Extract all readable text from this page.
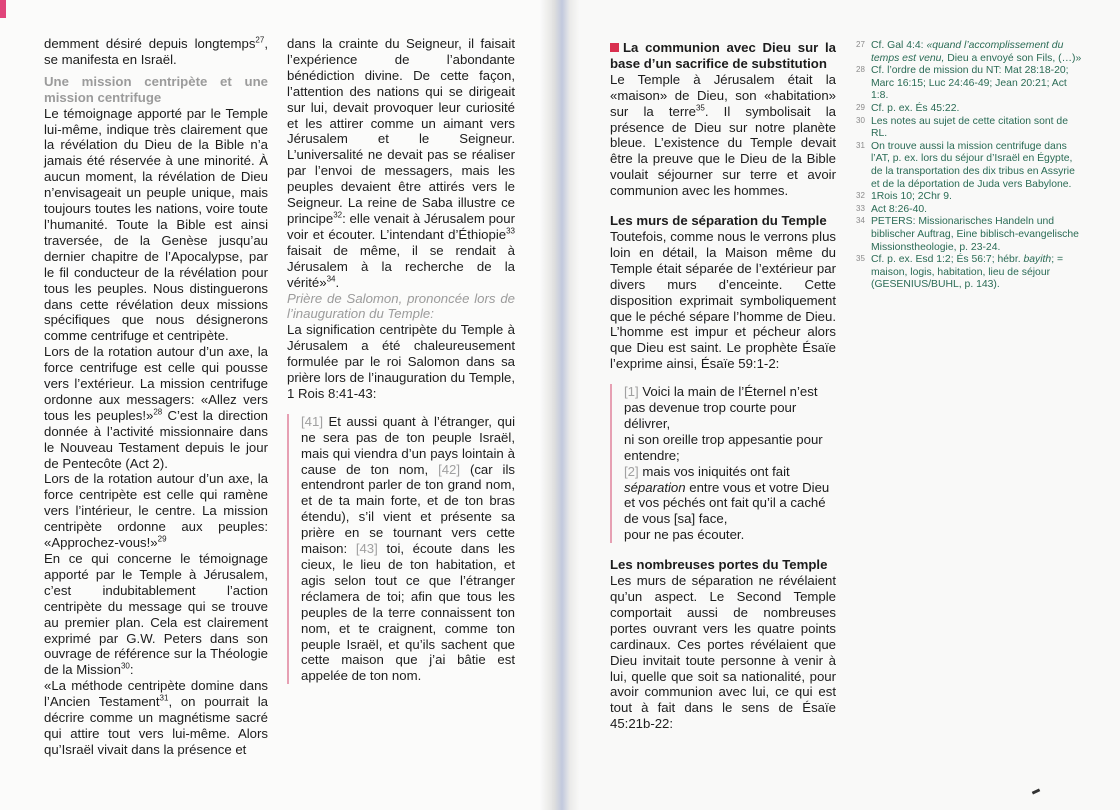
demment désiré depuis longtemps$^{27}$, se manifesta en Israël.

Une mission centripète et une mission centrifuge

Le témoignage apporté par le Temple lui-même, indique très clairement que la révélation du Dieu de la Bible n’a jamais été réservée à une minorité. À aucun moment, la révélation de Dieu n’envisageait un peuple unique, mais toujours toutes les nations, voire toute l’humanité. Toute la Bible est ainsi traversée, de la Genèse jusqu’au dernier chapitre de l’Apocalypse, par le fil conducteur de la révélation pour tous les peuples. Nous distinguerons dans cette révélation deux missions spécifiques que nous désignerons comme centrifuge et centripète.

Lors de la rotation autour d’un axe, la force centrifuge est celle qui pousse vers l’extérieur. La mission centrifuge ordonne aux messagers: «Allez vers tous les peuples!»$^{28}$ C’est la direction donnée à l’activité missionnaire dans le Nouveau Testament depuis le jour de Pentecôte (Act 2).

Lors de la rotation autour d’un axe, la force centripète est celle qui ramène vers l’intérieur, le centre. La mission centripète ordonne aux peuples: «Approchez-vous!»$^{29}$

En ce qui concerne le témoignage apporté par le Temple à Jérusalem, c’est indubitablement l’action centripète du message qui se trouve au premier plan. Cela est clairement exprimé par G.W. Peters dans son ouvrage de référence sur la Théologie de la Mission$^{30}$:

«La méthode centripète domine dans l’Ancien Testament$^{31}$, on pourrait la décrire comme un magnétisme sacré qui attire tout vers lui-même. Alors qu’Israël vivait dans la présence et

dans la crainte du Seigneur, il faisait l’expérience de l’abondante bénédiction divine. De cette façon, l’attention des nations qui se dirigeait sur lui, devait provoquer leur curiosité et les attirer comme un aimant vers Jérusalem et le Seigneur. L’universalité ne devait pas se réaliser par l’envoi de messagers, mais les peuples devaient être attirés vers le Seigneur. La reine de Saba illustre ce principe$^{32}$: elle venait à Jérusalem pour voir et écouter. L’intendant d’Éthiopie$^{33}$ faisait de même, il se rendait à Jérusalem à la recherche de la vérité»$^{34}$.

Prière de Salomon, prononcée lors de l’inauguration du Temple:

La signification centripète du Temple à Jérusalem a été chaleureusement formulée par le roi Salomon dans sa prière lors de l’inauguration du Temple, 1 Rois 8:41-43:

[41] Et aussi quant à l’étranger, qui ne sera pas de ton peuple Israël, mais qui viendra d’un pays lointain à cause de ton nom, [42] (car ils entendront parler de ton grand nom, et de ta main forte, et de ton bras étendu), s’il vient et présente sa prière en se tournant vers cette maison: [43] toi, écoute dans les cieux, le lieu de ton habitation, et agis selon tout ce que l’étranger réclamera de toi; afin que tous les peuples de la terre connaissent ton nom, et te craignent, comme ton peuple Israël, et qu’ils sachent que cette maison que j’ai bâtie est appelée de ton nom.
La communion avec Dieu sur la base d’un sacrifice de substitution

Le Temple à Jérusalem était la «maison» de Dieu, son «habitation» sur la terre$^{35}$. Il symbolisait la présence de Dieu sur notre planète bleue. L’existence du Temple devait être la preuve que le Dieu de la Bible voulait séjourner sur terre et avoir communion avec les hommes.

Les murs de séparation du Temple

Toutefois, comme nous le verrons plus loin en détail, la Maison même du Temple était séparée de l’extérieur par divers murs d’enceinte. Cette disposition exprimait symboliquement que le péché sépare l’homme de Dieu. L’homme est impur et pécheur alors que Dieu est saint. Le prophète Ésaïe l’exprime ainsi, Ésaïe 59:1-2:

[1] Voici la main de l’Éternel n’est pas devenue trop courte pour délivrer,
ni son oreille trop appesantie pour entendre;
[2] mais vos iniquités ont fait séparation entre vous et votre Dieu
et vos péchés ont fait qu’il a caché de vous [sa] face,
pour ne pas écouter.
Les nombreuses portes du Temple

Les murs de séparation ne révélaient qu’un aspect. Le Second Temple comportait aussi de nombreuses portes ouvrant vers les quatre points cardinaux. Ces portes révélaient que Dieu invitait toute personne à venir à lui, quelle que soit sa nationalité, pour avoir communion avec lui, ce qui est tout à fait dans le sens de Ésaïe 45:21b-22:

27 Cf. Gal 4:4: «quand l’accomplissement du temps est venu, Dieu a envoyé son Fils, (…)»

28 Cf. l’ordre de mission du NT: Mat 28:18-20; Marc 16:15; Luc 24:46-49; Jean 20:21; Act 1:8.

29 Cf. p. ex. És 45:22.

30 Les notes au sujet de cette citation sont de RL.

31 On trouve aussi la mission centrifuge dans l’AT, p. ex. lors du séjour d’Israël en Égypte, de la transportation des dix tribus en Assyrie et de la déportation de Juda vers Babylone.

32 1Rois 10; 2Chr 9.

33 Act 8:26-40.

34 PETERS: Missionarisches Handeln und biblischer Auftrag, Eine biblisch-evangelische Missionstheologie, p. 23-24.

35 Cf. p. ex. Esd 1:2; És 56:7; hébr. bayith; = maison, logis, habitation, lieu de séjour (GESENIUS/BUHL, p. 143).
